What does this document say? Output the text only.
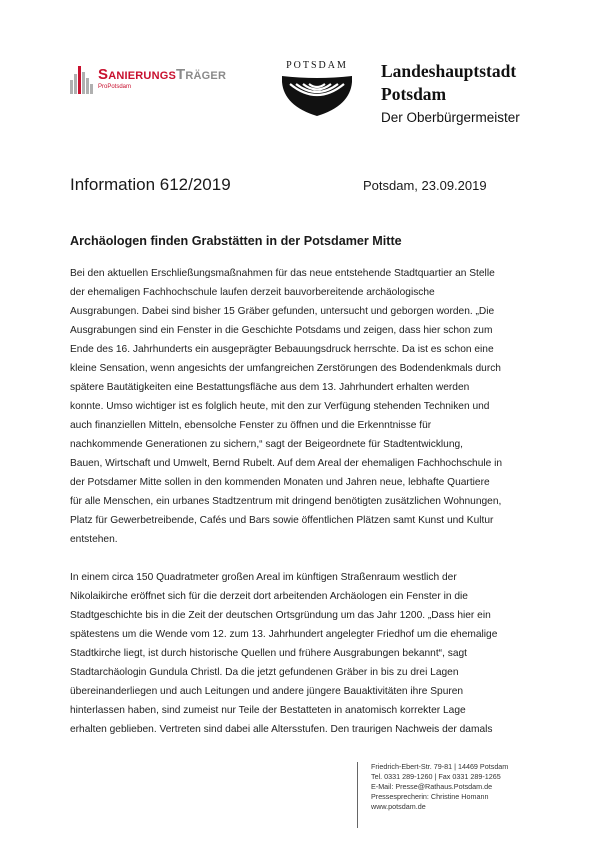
SanierungsTräger
ProPotsdam
POTSDAM	Landeshauptstadt
Potsdam
Der Oberbürgermeister
Information 612/2019	Potsdam, 23.09.2019
Archäologen finden Grabstätten in der Potsdamer Mitte
Bei den aktuellen Erschließungsmaßnahmen für das neue entstehende Stadtquartier an Stelle
der ehemaligen Fachhochschule laufen derzeit bauvorbereitende archäologische
Ausgrabungen. Dabei sind bisher 15 Gräber gefunden, untersucht und geborgen worden. „Die
Ausgrabungen sind ein Fenster in die Geschichte Potsdams und zeigen, dass hier schon zum
Ende des 16. Jahrhunderts ein ausgeprägter Bebauungsdruck herrschte. Da ist es schon eine
kleine Sensation, wenn angesichts der umfangreichen Zerstörungen des Bodendenkmals durch
spätere Bautätigkeiten eine Bestattungsfläche aus dem 13. Jahrhundert erhalten werden
konnte. Umso wichtiger ist es folglich heute, mit den zur Verfügung stehenden Techniken und
auch finanziellen Mitteln, ebensolche Fenster zu öffnen und die Erkenntnisse für
nachkommende Generationen zu sichern,“ sagt der Beigeordnete für Stadtentwicklung,
Bauen, Wirtschaft und Umwelt, Bernd Rubelt. Auf dem Areal der ehemaligen Fachhochschule in
der Potsdamer Mitte sollen in den kommenden Monaten und Jahren neue, lebhafte Quartiere
für alle Menschen, ein urbanes Stadtzentrum mit dringend benötigten zusätzlichen Wohnungen,
Platz für Gewerbetreibende, Cafés und Bars sowie öffentlichen Plätzen samt Kunst und Kultur
entstehen.
In einem circa 150 Quadratmeter großen Areal im künftigen Straßenraum westlich der
Nikolaikirche eröffnet sich für die derzeit dort arbeitenden Archäologen ein Fenster in die
Stadtgeschichte bis in die Zeit der deutschen Ortsgründung um das Jahr 1200. „Dass hier ein
spätestens um die Wende vom 12. zum 13. Jahrhundert angelegter Friedhof um die ehemalige
Stadtkirche liegt, ist durch historische Quellen und frühere Ausgrabungen bekannt“, sagt
Stadtarchäologin Gundula Christl. Da die jetzt gefundenen Gräber in bis zu drei Lagen
übereinanderliegen und auch Leitungen und andere jüngere Bauaktivitäten ihre Spuren
hinterlassen haben, sind zumeist nur Teile der Bestatteten in anatomisch korrekter Lage
erhalten geblieben. Vertreten sind dabei alle Altersstufen. Den traurigen Nachweis der damals
Friedrich-Ebert-Str. 79-81 | 14469 Potsdam
Tel. 0331 289-1260 | Fax 0331 289-1265
E-Mail: Presse@Rathaus.Potsdam.de
Pressesprecherin: Christine Homann
www.potsdam.de
